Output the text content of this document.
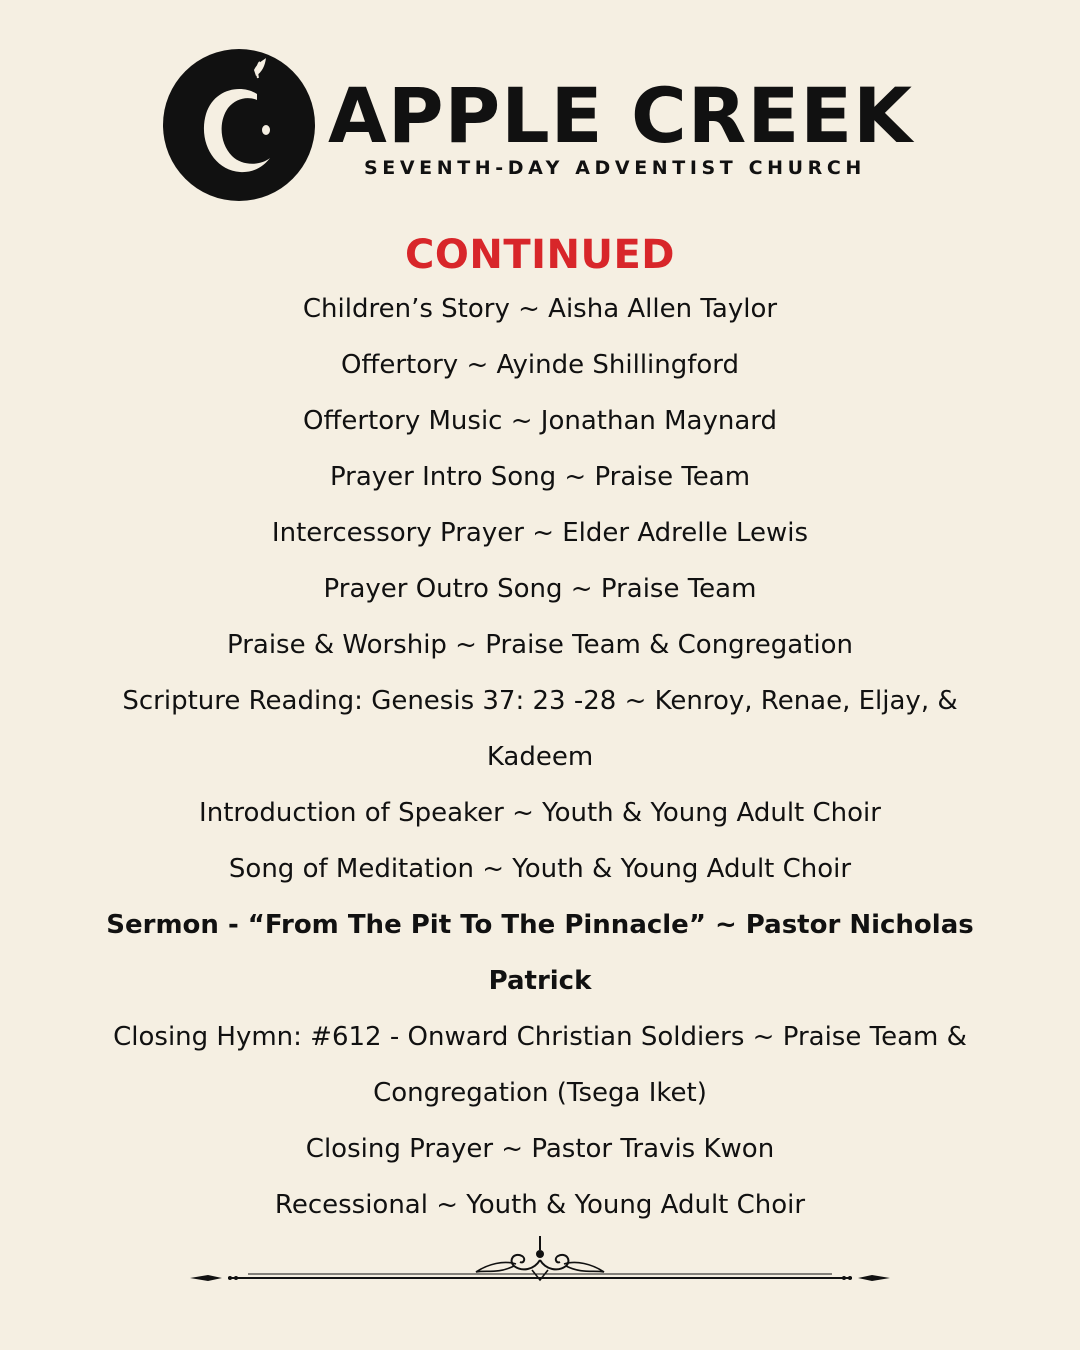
APPLE CREEK
SEVENTH-DAY ADVENTIST CHURCH
CONTINUED
Children’s Story ~ Aisha Allen Taylor
Offertory ~ Ayinde Shillingford
Offertory Music ~ Jonathan Maynard
Prayer Intro Song ~ Praise Team
Intercessory Prayer ~ Elder Adrelle Lewis
Prayer Outro Song ~ Praise Team
Praise & Worship ~ Praise Team & Congregation
Scripture Reading: Genesis 37: 23 -28 ~ Kenroy, Renae, Eljay, & Kadeem
Introduction of Speaker ~ Youth & Young Adult Choir
Song of Meditation ~ Youth & Young Adult Choir
Sermon - “From The Pit To The Pinnacle” ~ Pastor Nicholas Patrick
Closing Hymn: #612 - Onward Christian Soldiers ~ Praise Team & Congregation (Tsega Iket)
Closing Prayer ~ Pastor Travis Kwon
Recessional ~ Youth & Young Adult Choir
